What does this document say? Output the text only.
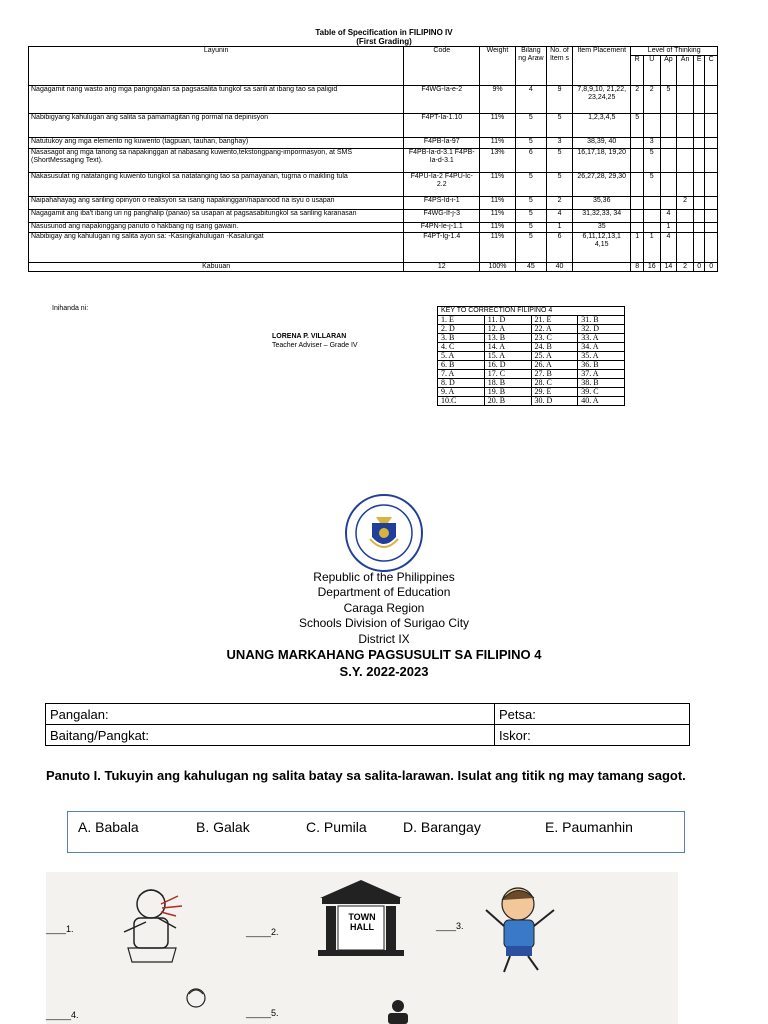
Table of Specification in FILIPINO IV
(First Grading)
Layunin	Code	Weight	Bilang ng Araw	No. of Item s	Item Placement	Level of Thinking					
						R	U	Ap	An	E	C
Nagagamit nang wasto ang mga pangngalan sa pagsasalita tungkol sa sarili at ibang tao sa paligid	F4WG-Ia-e-2	9%	4	9	7,8,9,10, 21,22, 23,24,25	2	2	5			
Nabibigyang kahulugan ang salita sa pamamagitan ng pormal na depinisyon	F4PT-Ia-1.10	11%	5	5	1,2,3,4,5	5					
Natutukoy ang mga elemento ng kuwento (tagpuan, tauhan, banghay)	F4PB-Ia-97	11%	5	3	38,39, 40		3				
Nasasagot ang mga tanong sa napakinggan at nabasang kuwento,tekstongpang-impormasyon, at SMS (ShortMessaging Text).	F4PB-Ia-d-3.1 F4PB-Ia-d-3.1	13%	6	5	16,17,18, 19,20		5				
Nakasusulat ng natatanging kuwento tungkol sa natatanging tao sa pamayanan, tugma o maikling tula	F4PU-Ia-2 F4PU-Ic-2.2	11%	5	5	26,27,28, 29,30		5				
Naipahahayag ang sariling opinyon o reaksyon sa isang napakinggan/napanood na isyu o usapan	F4PS-Id-i-1	11%	5	2	35,36				2		
Nagagamit ang iba't ibang uri ng panghalip (panao) sa usapan at pagsasabitungkol sa sariling karanasan	F4WG-If-j-3	11%	5	4	31,32,33, 34			4			
Nasusunod ang napakinggang panuto o hakbang ng isang gawain.	F4PN-Ie-j-1.1	11%	5	1	35			1			
Nabibigay ang kahulugan ng salita ayon sa: -Kasingkahulugan -Kasalungat	F4PT-Ig-1.4	11%	5	6	6,11,12,13,1 4,15	1	1	4			
Kabuuan	12	100%	45	40		8	16	14	2	0	0
Inihanda ni:
LORENA P. VILLARAN
Teacher Adviser – Grade IV
KEY TO CORRECTION FILIPINO 4			
1. E	11. D	21. E	31. B
2. D	12. A	22. A	32. D
3. B	13. B	23. C	33. A
4. C	14. A	24. B	34. A
5. A	15. A	25. A	35. A
6. B	16. D	26. A	36. B
7. A	17. C	27. B	37. A
8. D	18. B	28. C	38. B
9. A	19. B	29. E	39. C
10.C	20. B	30. D	40. A
Republic of the Philippines
Department of Education
Caraga Region
Schools Division of Surigao City
District IX
UNANG MARKAHANG PAGSUSULIT SA FILIPINO 4
S.Y. 2022-2023
Pangalan:	Petsa:
Baitang/Pangkat:	Iskor:
Panuto I. Tukuyin ang kahulugan ng salita batay sa salita-larawan. Isulat ang titik ng may tamang sagot.
A. Babala	B. Galak	C. Pumila	D. Barangay	E. Paumanhin
____1.	_____2.
____3.
_____4.	_____5.
TOWN HALL
